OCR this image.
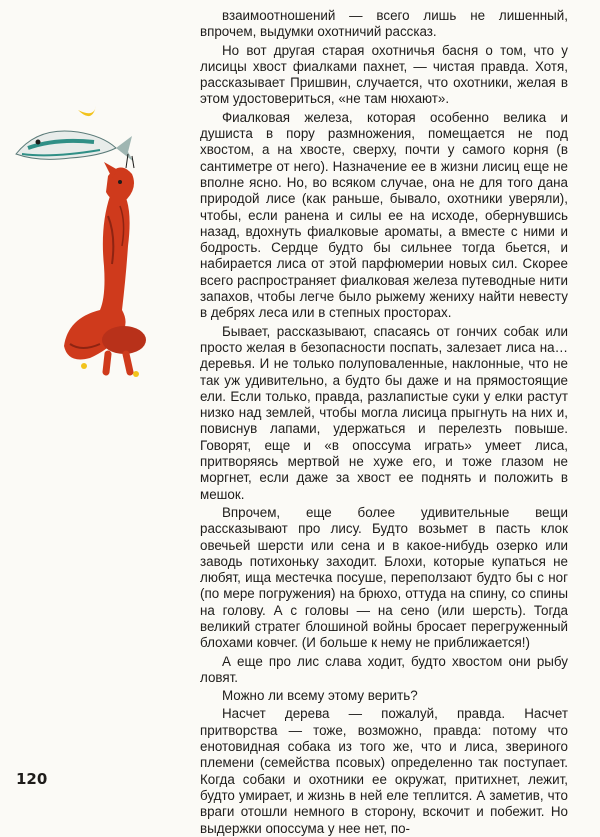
взаимоотношений — всего лишь не лишенный, впрочем, выдумки охотничий рассказ.

Но вот другая старая охотничья басня о том, что у лисицы хвост фиалками пахнет, — чистая правда. Хотя, рассказывает Пришвин, случается, что охотники, желая в этом удостовериться, «не там нюхают».

Фиалковая железа, которая особенно велика и душиста в пору размножения, помещается не под хвостом, а на хвосте, сверху, почти у самого корня (в сантиметре от него). Назначение ее в жизни лисиц еще не вполне ясно. Но, во всяком случае, она не для того дана природой лисе (как раньше, бывало, охотники уверяли), чтобы, если ранена и силы ее на исходе, обернувшись назад, вдохнуть фиалковые ароматы, а вместе с ними и бодрость. Сердце будто бы сильнее тогда бьется, и набирается лиса от этой парфюмерии новых сил. Скорее всего распространяет фиалковая железа путеводные нити запахов, чтобы легче было рыжему жениху найти невесту в дебрях леса или в степных просторах.

Бывает, рассказывают, спасаясь от гончих собак или просто желая в безопасности поспать, залезает лиса на… деревья. И не только полуповаленные, наклонные, что не так уж удивительно, а будто бы даже и на прямостоящие ели. Если только, правда, разлапистые суки у елки растут низко над землей, чтобы могла лисица прыгнуть на них и, повиснув лапами, удержаться и перелезть повыше. Говорят, еще и «в опоссума играть» умеет лиса, притворяясь мертвой не хуже его, и тоже глазом не моргнет, если даже за хвост ее поднять и положить в мешок.

Впрочем, еще более удивительные вещи рассказывают про лису. Будто возьмет в пасть клок овечьей шерсти или сена и в какое-нибудь озерко или заводь потихоньку заходит. Блохи, которые купаться не любят, ища местечка посуше, переползают будто бы с ног (по мере погружения) на брюхо, оттуда на спину, со спины на голову. А с головы — на сено (или шерсть). Тогда великий стратег блошиной войны бросает перегруженный блохами ковчег. (И больше к нему не приближается!)

А еще про лис слава ходит, будто хвостом они рыбу ловят.

Можно ли всему этому верить?

Насчет дерева — пожалуй, правда. Насчет притворства — тоже, возможно, правда: потому что енотовидная собака из того же, что и лиса, звериного племени (семейства псовых) определенно так поступает. Когда собаки и охотники ее окружат, притихнет, лежит, будто умирает, и жизнь в ней еле теплится. А заметив, что враги отошли немного в сторону, вскочит и побежит. Но выдержки опоссума у нее нет, по-

120
